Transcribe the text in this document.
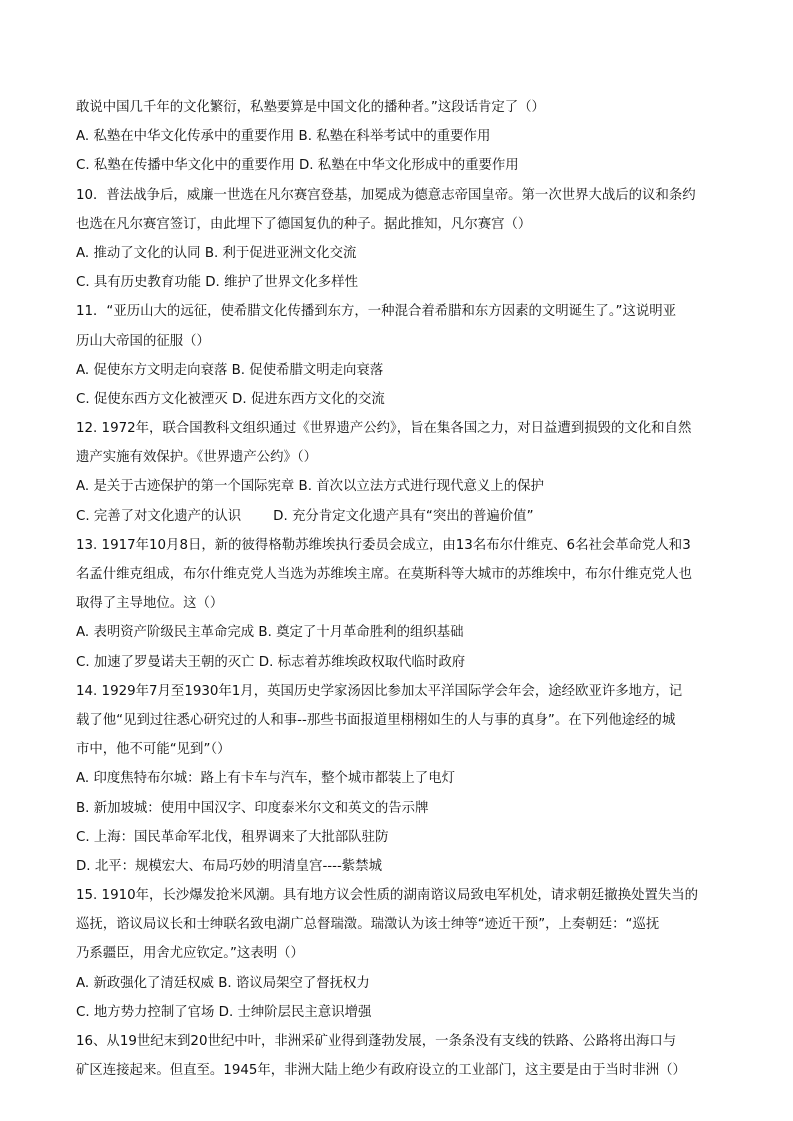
敢说中国几千年的文化繁衍，私塾要算是中国文化的播种者。”这段话肯定了（）
A. 私塾在中华文化传承中的重要作用 B. 私塾在科举考试中的重要作用
C. 私塾在传播中华文化中的重要作用 D. 私塾在中华文化形成中的重要作用
10．普法战争后，威廉一世选在凡尔赛宫登基，加冕成为德意志帝国皇帝。第一次世界大战后的议和条约
也选在凡尔赛宫签订，由此埋下了德国复仇的种子。据此推知，凡尔赛宫（）
A. 推动了文化的认同 B. 利于促进亚洲文化交流
C. 具有历史教育功能 D. 维护了世界文化多样性
11．“亚历山大的远征，使希腊文化传播到东方，一种混合着希腊和东方因素的文明诞生了。”这说明亚
历山大帝国的征服（）
A. 促使东方文明走向衰落 B. 促使希腊文明走向衰落
C. 促使东西方文化被湮灭 D. 促进东西方文化的交流
12. 1972年，联合国教科文组织通过《世界遗产公约》，旨在集各国之力，对日益遭到损毁的文化和自然
遗产实施有效保护。《世界遗产公约》（）
A. 是关于古迹保护的第一个国际宪章 B. 首次以立法方式进行现代意义上的保护
C. 完善了对文化遗产的认识 D. 充分肯定文化遗产具有“突出的普遍价值”
13. 1917年10月8日，新的彼得格勒苏维埃执行委员会成立，由13名布尔什维克、6名社会革命党人和3
名孟什维克组成，布尔什维克党人当选为苏维埃主席。在莫斯科等大城市的苏维埃中，布尔什维克党人也
取得了主导地位。这（）
A. 表明资产阶级民主革命完成 B. 奠定了十月革命胜利的组织基础
C. 加速了罗曼诺夫王朝的灭亡 D. 标志着苏维埃政权取代临时政府
14. 1929年7月至1930年1月，英国历史学家汤因比参加太平洋国际学会年会，途经欧亚许多地方，记
载了他“见到过往悉心研究过的人和事--那些书面报道里栩栩如生的人与事的真身”。在下列他途经的城
市中，他不可能“见到”（）
A. 印度焦特布尔城：路上有卡车与汽车，整个城市都装上了电灯
B. 新加坡城：使用中国汉字、印度泰米尔文和英文的告示牌
C. 上海：国民革命军北伐，租界调来了大批部队驻防
D. 北平：规模宏大、布局巧妙的明清皇宫----紫禁城
15. 1910年，长沙爆发抢米风潮。具有地方议会性质的湖南谘议局致电军机处，请求朝廷撤换处置失当的
巡抚，谘议局议长和士绅联名致电湖广总督瑞澂。瑞澂认为该士绅等“迹近干预”，上奏朝廷：“巡抚
乃系疆臣，用舍尤应钦定。”这表明（）
A. 新政强化了清廷权威 B. 谘议局架空了督抚权力
C. 地方势力控制了官场 D. 士绅阶层民主意识增强
16、从19世纪末到20世纪中叶，非洲采矿业得到蓬勃发展，一条条没有支线的铁路、公路将出海口与
矿区连接起来。但直至。1945年，非洲大陆上绝少有政府设立的工业部门，这主要是由于当时非洲（）
